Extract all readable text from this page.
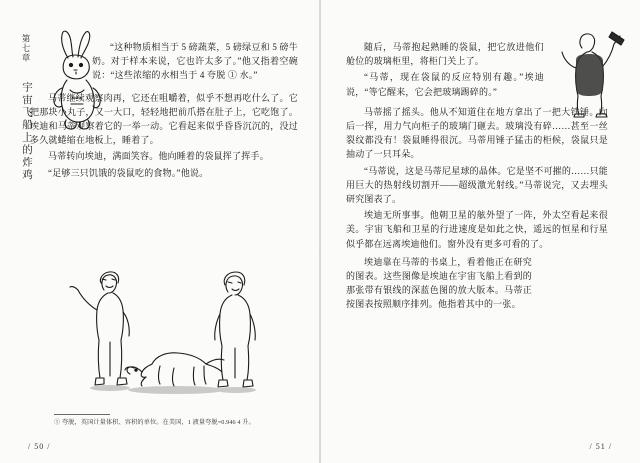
第七章 宇宙飞船上的炸鸡

“这种物质相当于 5 磅蔬菜，5 磅绿豆和 5 磅牛奶。对于样本来说，它也许太多了。”他又指着空碗说：“这些浓缩的水相当于 4 夸脱 ① 水。”

马蒂继续观察肉再，它还在咀嚼着，似乎不想再吃什么了。它把那块小丸子，又一大口，轻轻地把前爪搭在肚子上，它吃饱了。埃迪和马蒂观察着它的一举一动。它看起来似乎昏昏沉沉的，没过多久就蜷缩在地板上，睡着了。

马蒂转向埃迪，满面笑容。他向睡着的袋鼠挥了挥手。

“足够三只饥饿的袋鼠吃的食物。”他说。

① 夸脱，英国计量体积、容积的单位。在美国，1 液量夸脱=0.946 4 升。
/ 50 /

随后，马蒂抱起熟睡的袋鼠，把它放进他们舱位的玻璃柜里，将柜门关上了。

“马蒂，现在袋鼠的反应特别有趣。”埃迪说，“等它醒来，它会把玻璃踢碎的。”

马蒂摇了摇头。他从不知道住在地方拿出了一把大铁锤。向后一挥，用力气向柜子的玻璃门砸去。玻璃没有碎……甚至一丝裂纹都没有！袋鼠睡得很沉。马蒂用锤子猛击的柜候，袋鼠只是抽动了一只耳朵。

“马蒂说，这是马蒂尼星球的晶体。它是坚不可摧的……只能用巨大的热射线切割开——超级激光射线。”马蒂说完，又去埋头研究图表了。

埃迪无所事事。他朝卫星的舷外望了一阵，外太空看起来很美。宇宙飞船和卫星的行进速度是如此之快，遥远的恒星和行星似乎都在远离埃迪他们。窗外没有更多可看的了。

埃迪靠在马蒂的书桌上，看着他正在研究的图表。这些图像是埃迪在宇宙飞船上看到的那张带有银线的深蓝色图的放大版本。马蒂正按图表按照顺序排列。他指着其中的一张。

/ 51 /
